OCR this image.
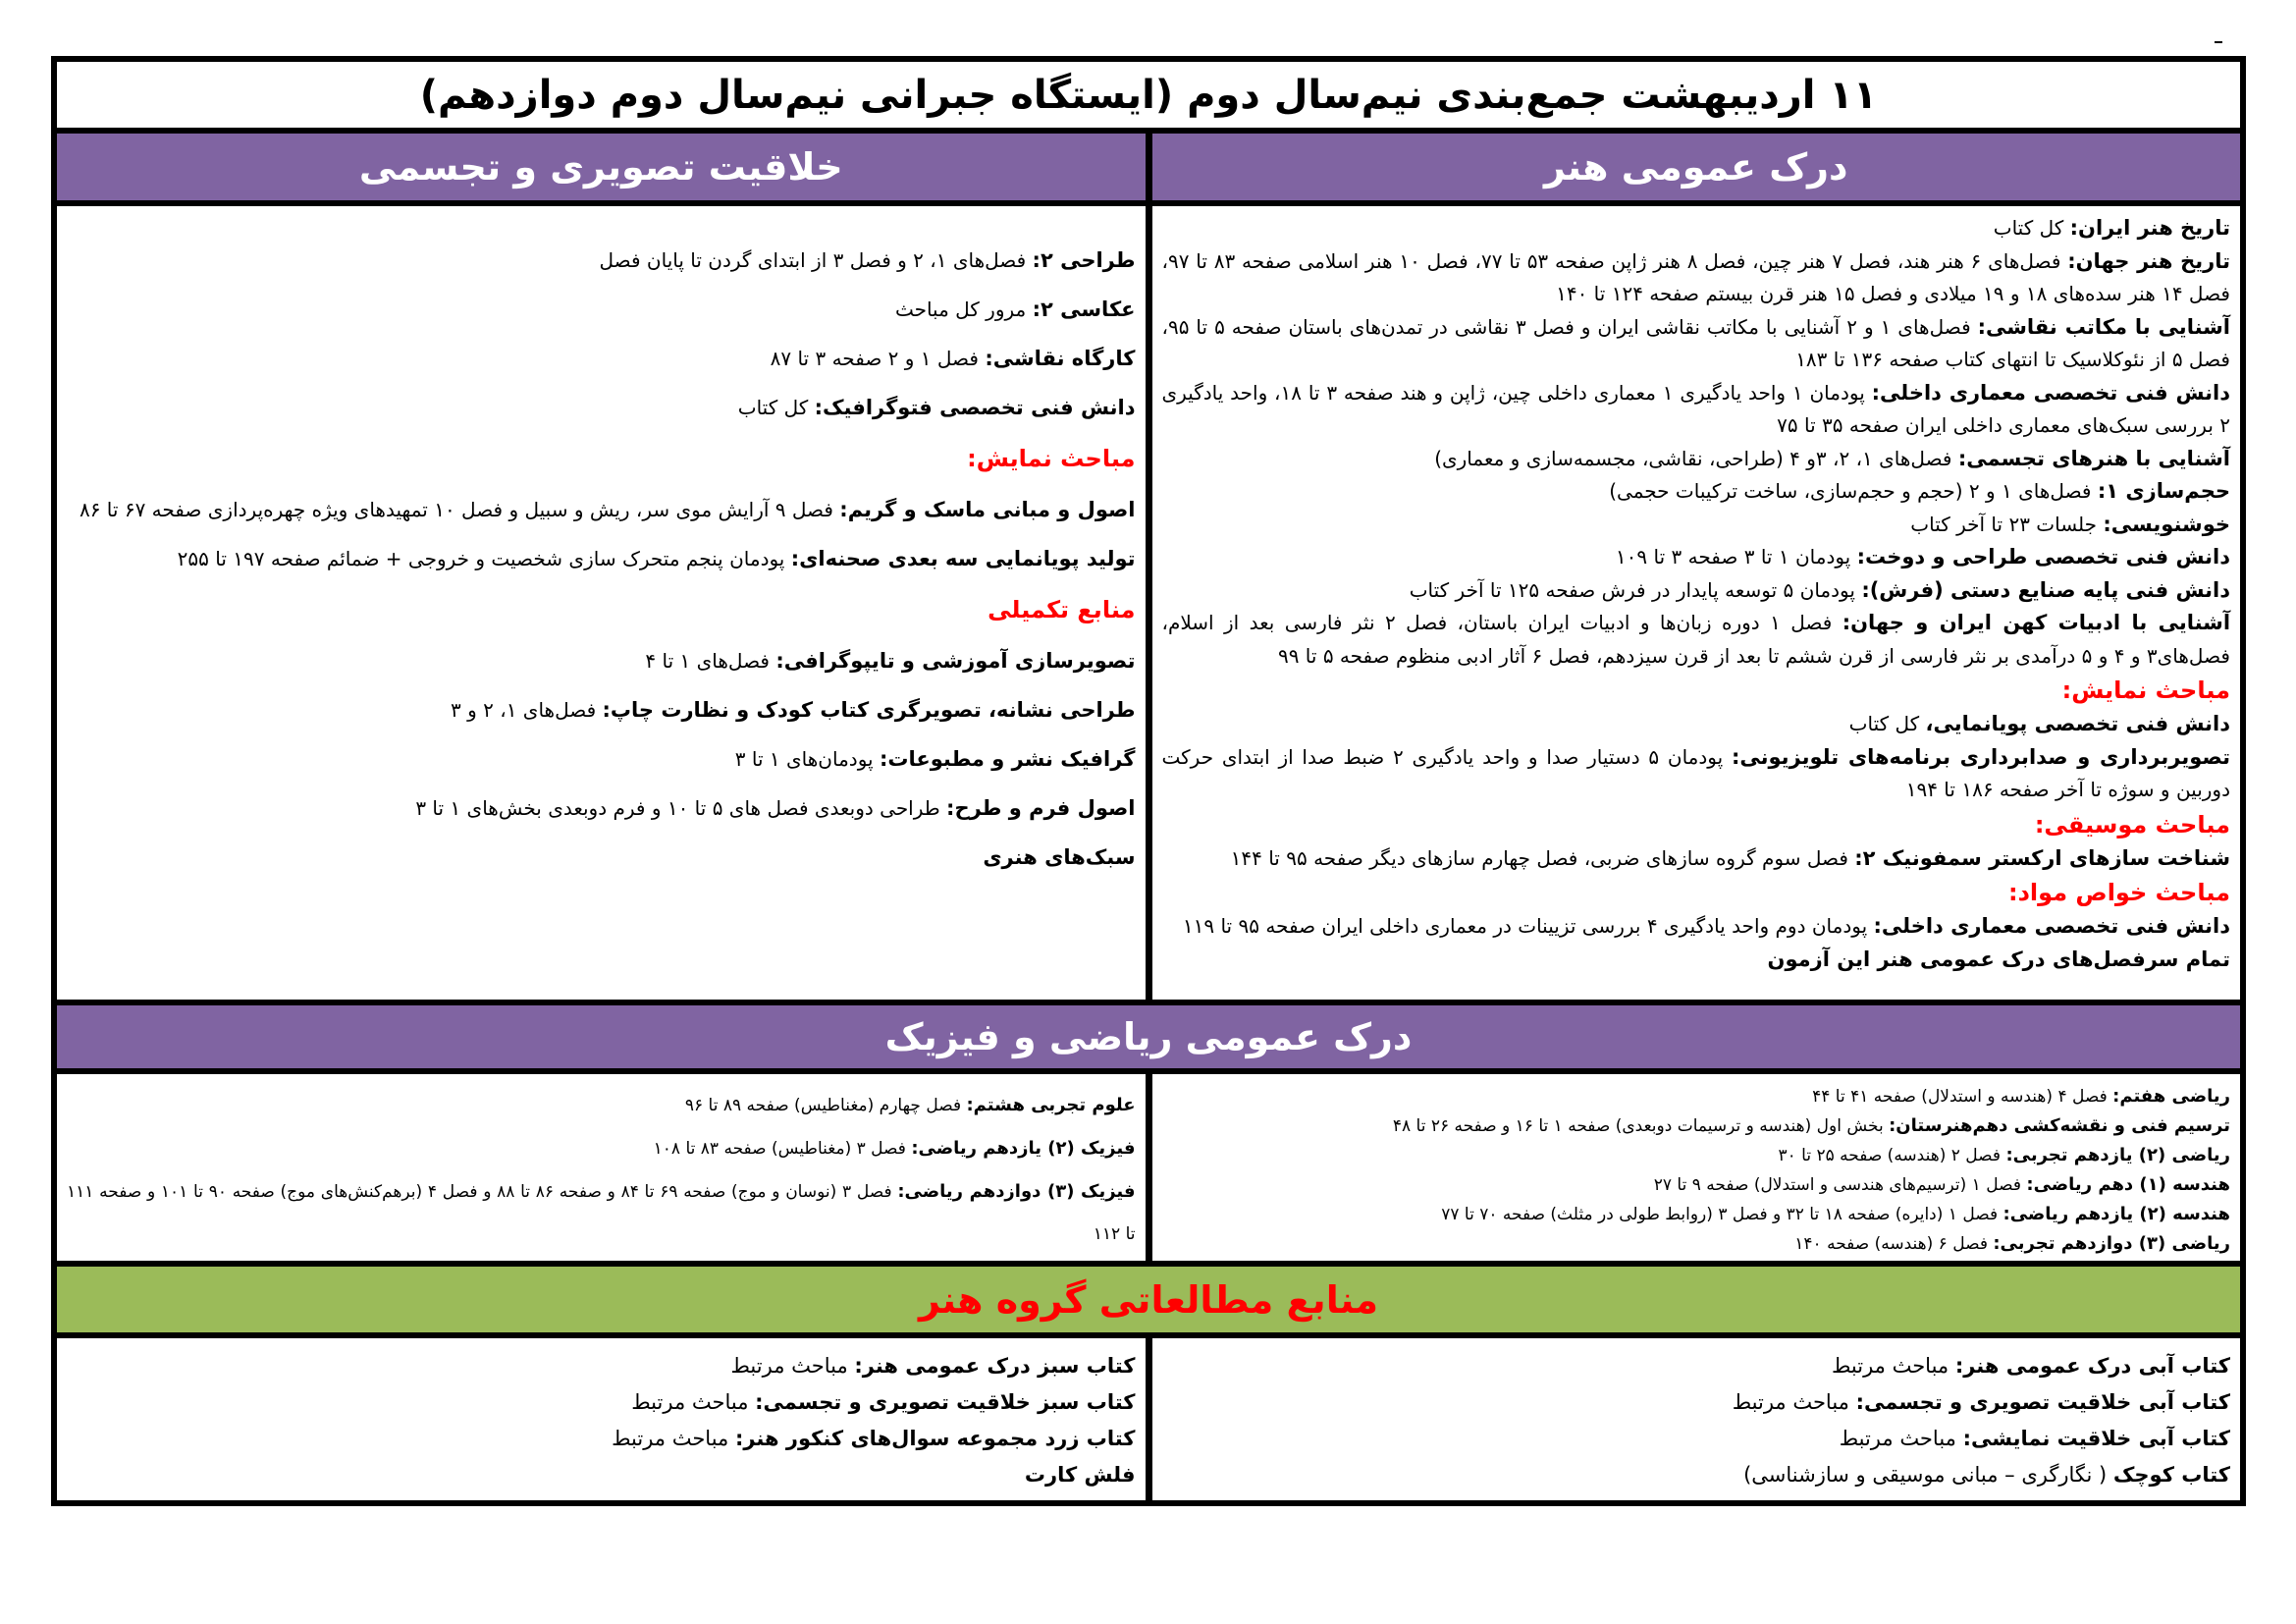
۱۱ اردیبهشت جمع‌بندی نیم‌سال دوم (ایستگاه جبرانی نیم‌سال دوم دوازدهم)
درک عمومی هنر
خلاقیت تصویری و تجسمی
تاریخ هنر ایران: کل کتاب
تاریخ هنر جهان: فصل‌های ۶ هنر هند، فصل ۷ هنر چین، فصل ۸ هنر ژاپن صفحه ۵۳ تا ۷۷، فصل ۱۰ هنر اسلامی صفحه ۸۳ تا ۹۷، فصل ۱۴ هنر سده‌های ۱۸ و ۱۹ میلادی و فصل ۱۵ هنر قرن بیستم صفحه ۱۲۴ تا ۱۴۰
آشنایی با مکاتب نقاشی: فصل‌های ۱ و ۲ آشنایی با مکاتب نقاشی ایران و فصل ۳ نقاشی در تمدن‌های باستان صفحه ۵ تا ۹۵، فصل ۵ از نئوکلاسیک تا انتهای کتاب صفحه ۱۳۶ تا ۱۸۳
دانش فنی تخصصی معماری داخلی: پودمان ۱ واحد یادگیری ۱ معماری داخلی چین، ژاپن و هند صفحه ۳ تا ۱۸، واحد یادگیری ۲ بررسی سبک‌های معماری داخلی ایران صفحه ۳۵ تا ۷۵
آشنایی با هنرهای تجسمی: فصل‌های ۱، ۲، ۳و ۴ (طراحی، نقاشی، مجسمه‌سازی و معماری)
حجم‌سازی ۱: فصل‌های ۱ و ۲ (حجم و حجم‌سازی، ساخت ترکیبات حجمی)
خوشنویسی: جلسات ۲۳ تا آخر کتاب
دانش فنی تخصصی طراحی و دوخت: پودمان ۱ تا ۳ صفحه ۳ تا ۱۰۹
دانش فنی پایه صنایع دستی (فرش): پودمان ۵ توسعه پایدار در فرش صفحه ۱۲۵ تا آخر کتاب
آشنایی با ادبیات کهن ایران و جهان: فصل ۱ دوره زبان‌ها و ادبیات ایران باستان، فصل ۲ نثر فارسی بعد از اسلام، فصل‌های۳ و ۴ و ۵ درآمدی بر نثر فارسی از قرن ششم تا بعد از قرن سیزدهم، فصل ۶ آثار ادبی منظوم صفحه ۵ تا ۹۹
مباحث نمایش:
دانش فنی تخصصی پویانمایی، کل کتاب
تصویربرداری و صدابرداری برنامه‌های تلویزیونی: پودمان ۵ دستیار صدا و واحد یادگیری ۲ ضبط صدا از ابتدای حرکت دوربین و سوژه تا آخر صفحه ۱۸۶ تا ۱۹۴
مباحث موسیقی:
شناخت سازهای ارکستر سمفونیک ۲: فصل سوم گروه سازهای ضربی، فصل چهارم سازهای دیگر صفحه ۹۵ تا ۱۴۴
مباحث خواص مواد:
دانش فنی تخصصی معماری داخلی: پودمان دوم واحد یادگیری ۴ بررسی تزیینات در معماری داخلی ایران صفحه ۹۵ تا ۱۱۹
تمام سرفصل‌های درک عمومی هنر این آزمون
طراحی ۲: فصل‌های ۱، ۲ و فصل ۳ از ابتدای گردن تا پایان فصل
عکاسی ۲: مرور کل مباحث
کارگاه نقاشی: فصل ۱ و ۲ صفحه ۳ تا ۸۷
دانش فنی تخصصی فتوگرافیک: کل کتاب
مباحث نمایش:
اصول و مبانی ماسک و گریم: فصل ۹ آرایش موی سر، ریش و سبیل و فصل ۱۰ تمهیدهای ویژه چهره‌پردازی صفحه ۶۷ تا ۸۶
تولید پویانمایی سه بعدی صحنه‌ای: پودمان پنجم متحرک سازی شخصیت و خروجی + ضمائم صفحه ۱۹۷ تا ۲۵۵
منابع تکمیلی
تصویرسازی آموزشی و تایپوگرافی: فصل‌های ۱ تا ۴
طراحی نشانه، تصویرگری کتاب کودک و نظارت چاپ: فصل‌های ۱، ۲ و ۳
گرافیک نشر و مطبوعات: پودمان‌های ۱ تا ۳
اصول فرم و طرح: طراحی دوبعدی فصل های ۵ تا ۱۰ و فرم دوبعدی بخش‌های ۱ تا ۳
سبک‌های هنری
درک عمومی ریاضی و فیزیک
ریاضی هفتم: فصل ۴ (هندسه و استدلال) صفحه ۴۱ تا ۴۴
ترسیم فنی و نقشه‌کشی دهم‌هنرستان: بخش اول (هندسه و ترسیمات دوبعدی) صفحه ۱ تا ۱۶ و صفحه ۲۶ تا ۴۸
ریاضی (۲) یازدهم تجربی: فصل ۲ (هندسه) صفحه ۲۵ تا ۳۰
هندسه (۱) دهم ریاضی: فصل ۱ (ترسیم‌های هندسی و استدلال) صفحه ۹ تا ۲۷
هندسه (۲) یازدهم ریاضی: فصل ۱ (دایره) صفحه ۱۸ تا ۳۲ و فصل ۳ (روابط طولی در مثلث) صفحه ۷۰ تا ۷۷
ریاضی (۳) دوازدهم تجربی: فصل ۶ (هندسه) صفحه ۱۴۰
علوم تجربی هشتم: فصل چهارم (مغناطیس) صفحه ۸۹ تا ۹۶
فیزیک (۲) یازدهم ریاضی: فصل ۳ (مغناطیس) صفحه ۸۳ تا ۱۰۸
فیزیک (۳) دوازدهم ریاضی: فصل ۳ (نوسان و موج) صفحه ۶۹ تا ۸۴ و صفحه ۸۶ تا ۸۸ و فصل ۴ (برهم‌کنش‌های موج) صفحه ۹۰ تا ۱۰۱ و صفحه ۱۱۱ تا ۱۱۲
منابع مطالعاتی گروه هنر
کتاب آبی درک عمومی هنر: مباحث مرتبط
کتاب آبی خلاقیت تصویری و تجسمی: مباحث مرتبط
کتاب آبی خلاقیت نمایشی: مباحث مرتبط
کتاب کوچک ( نگارگری – مبانی موسیقی و سازشناسی)
کتاب سبز درک عمومی هنر: مباحث مرتبط
کتاب سبز خلاقیت تصویری و تجسمی: مباحث مرتبط
کتاب زرد مجموعه سوال‌های کنکور هنر: مباحث مرتبط
فلش کارت
